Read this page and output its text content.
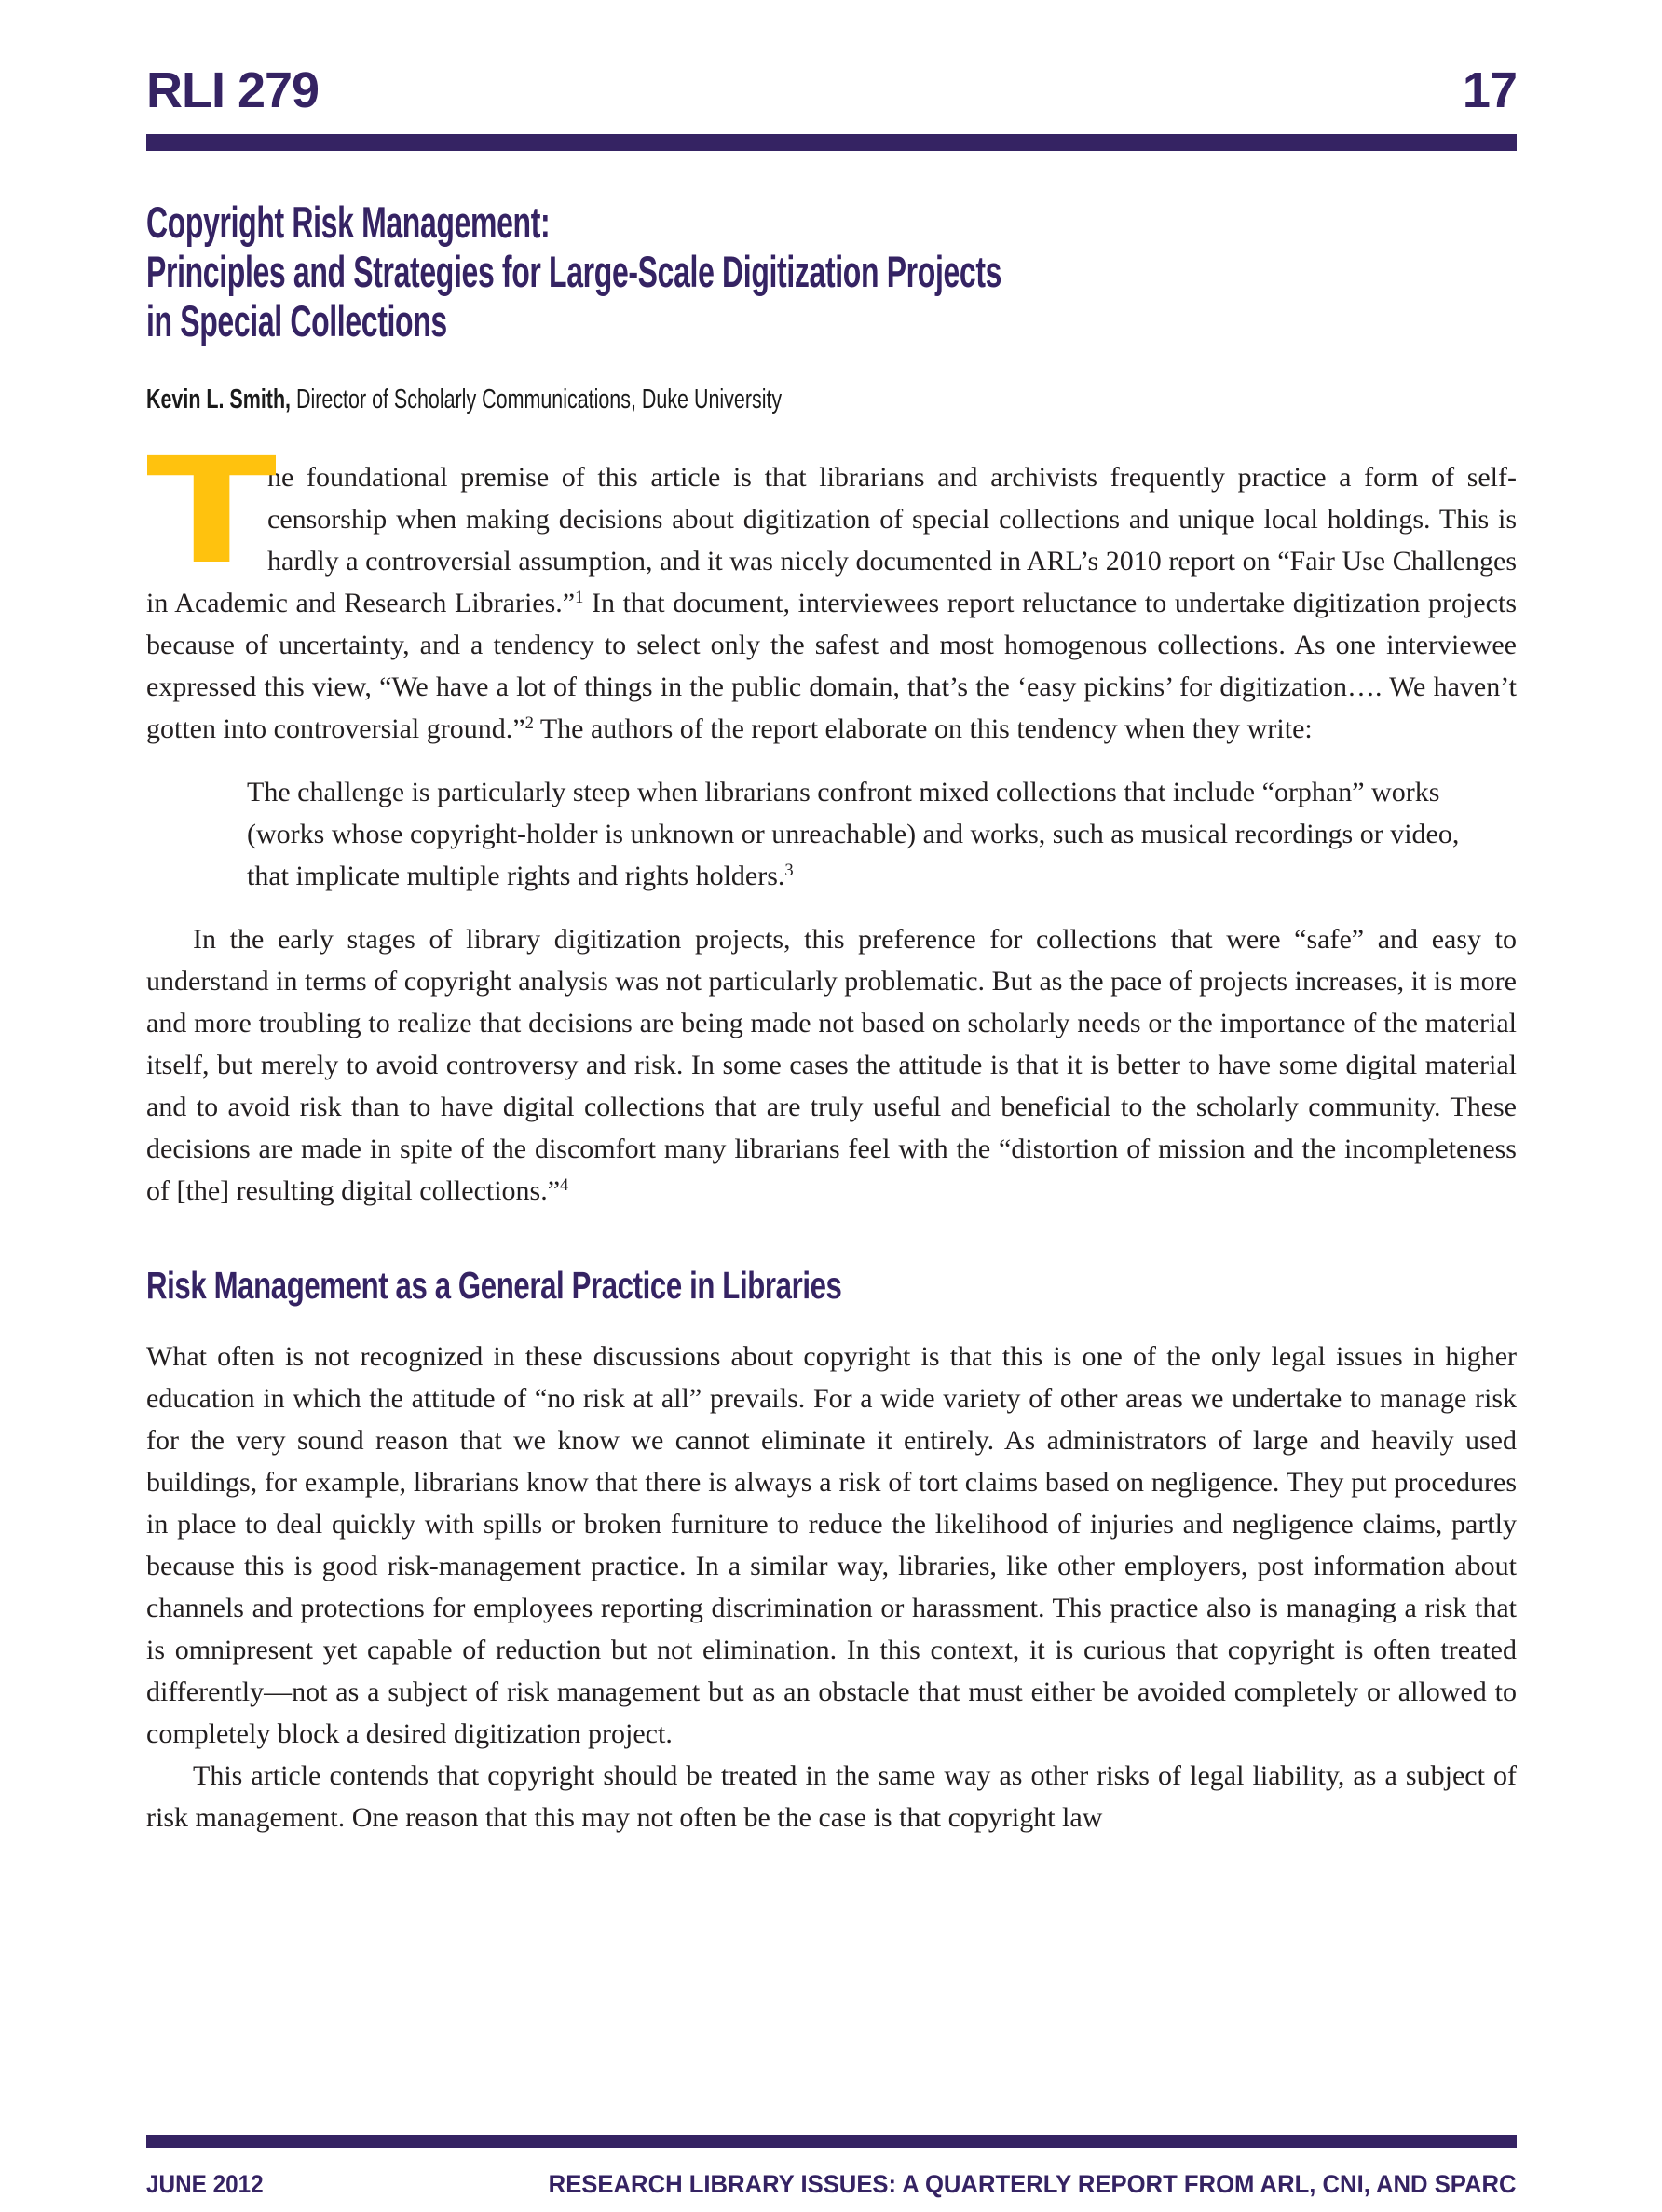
RLI 279	17
Copyright Risk Management:
Principles and Strategies for Large-Scale Digitization Projects
in Special Collections
Kevin L. Smith, Director of Scholarly Communications, Duke University

T
he foundational premise of this article is that librarians and archivists frequently practice a form of self-censorship when making decisions about digitization of special collections and unique local holdings. This is hardly a controversial assumption, and it was nicely documented in ARL’s 2010 report on “Fair Use Challenges in Academic and Research Libraries.”$^1$ In that document, interviewees report reluctance to undertake digitization projects because of uncertainty, and a tendency to select only the safest and most homogenous collections. As one interviewee expressed this view, “We have a lot of things in the public domain, that’s the ‘easy pickins’ for digitization…. We haven’t gotten into controversial ground.”$^2$ The authors of the report elaborate on this tendency when they write:

The challenge is particularly steep when librarians confront mixed collections that include “orphan” works (works whose copyright-holder is unknown or unreachable) and works, such as musical recordings or video, that implicate multiple rights and rights holders.$^3$

In the early stages of library digitization projects, this preference for collections that were “safe” and easy to understand in terms of copyright analysis was not particularly problematic. But as the pace of projects increases, it is more and more troubling to realize that decisions are being made not based on scholarly needs or the importance of the material itself, but merely to avoid controversy and risk. In some cases the attitude is that it is better to have some digital material and to avoid risk than to have digital collections that are truly useful and beneficial to the scholarly community. These decisions are made in spite of the discomfort many librarians feel with the “distortion of mission and the incompleteness of [the] resulting digital collections.”$^4$

Risk Management as a General Practice in Libraries

What often is not recognized in these discussions about copyright is that this is one of the only legal issues in higher education in which the attitude of “no risk at all” prevails. For a wide variety of other areas we undertake to manage risk for the very sound reason that we know we cannot eliminate it entirely. As administrators of large and heavily used buildings, for example, librarians know that there is always a risk of tort claims based on negligence. They put procedures in place to deal quickly with spills or broken furniture to reduce the likelihood of injuries and negligence claims, partly because this is good risk-management practice. In a similar way, libraries, like other employers, post information about channels and protections for employees reporting discrimination or harassment. This practice also is managing a risk that is omnipresent yet capable of reduction but not elimination. In this context, it is curious that copyright is often treated differently—not as a subject of risk management but as an obstacle that must either be avoided completely or allowed to completely block a desired digitization project.

This article contends that copyright should be treated in the same way as other risks of legal liability, as a subject of risk management. One reason that this may not often be the case is that copyright law

JUNE 2012	RESEARCH LIBRARY ISSUES: A QUARTERLY REPORT FROM ARL, CNI, AND SPARC
